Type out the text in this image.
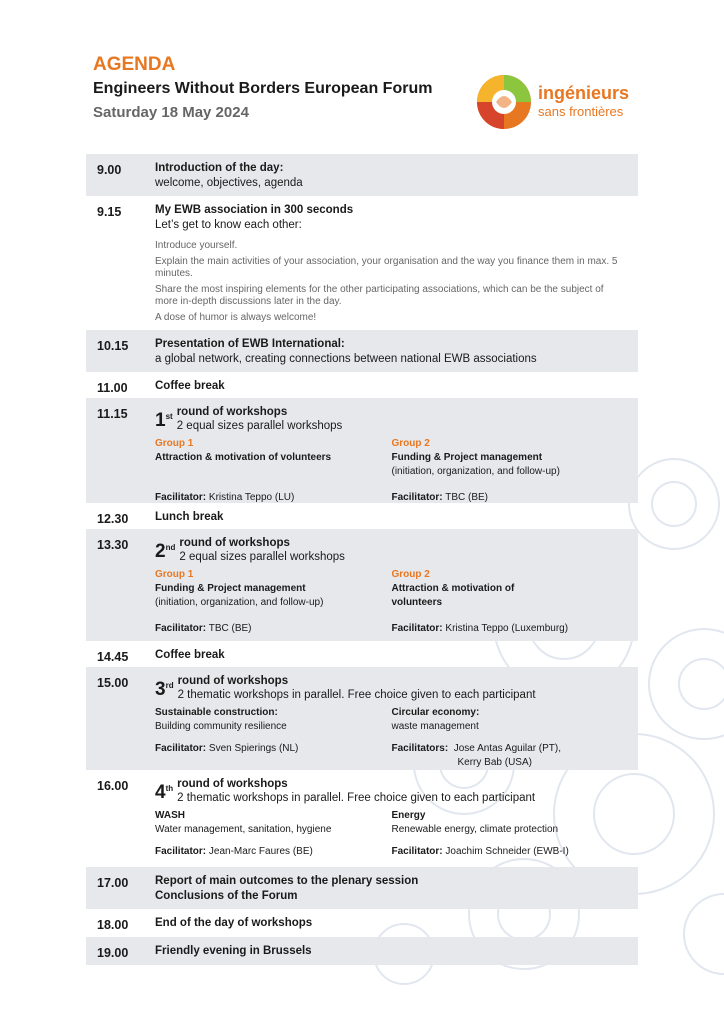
AGENDA

Engineers Without Borders European Forum

Saturday 18 May 2024

ingénieurs
sans frontières
9.00	Introduction of the day:
welcome, objectives, agenda
9.15	My EWB association in 300 seconds
Let’s get to know each other:
Introduce yourself.
Explain the main activities of your association, your organisation and the way you finance them in max. 5 minutes.
Share the most inspiring elements for the other participating associations, which can be the subject of more in-depth discussions later in the day.
A dose of humor is always welcome!
10.15	Presentation of EWB International:
a global network, creating connections between national EWB associations
11.00	Coffee break
11.15	1st round of workshops
2 equal sizes parallel workshops
Group 1
Attraction & motivation of volunteers
Facilitator: Kristina Teppo (LU)
Group 2
Funding & Project management
(initiation, organization, and follow-up)
Facilitator: TBC (BE)
12.30	Lunch break
13.30	2nd round of workshops
2 equal sizes parallel workshops
Group 1
Funding & Project management
(initiation, organization, and follow-up)
Facilitator: TBC (BE)
Group 2
Attraction & motivation of
volunteers
Facilitator: Kristina Teppo (Luxemburg)
14.45	Coffee break
15.00	3rd round of workshops
2 thematic workshops in parallel. Free choice given to each participant
Sustainable construction:
Building community resilience
Facilitator: Sven Spierings (NL)
Circular economy:
waste management
Facilitators: Jose Antas Aguilar (PT),
Kerry Bab (USA)
16.00	4th round of workshops
2 thematic workshops in parallel. Free choice given to each participant
WASH
Water management, sanitation, hygiene
Facilitator: Jean-Marc Faures (BE)
Energy
Renewable energy, climate protection
Facilitator: Joachim Schneider (EWB-I)
17.00	Report of main outcomes to the plenary session
Conclusions of the Forum
18.00	End of the day of workshops
19.00	Friendly evening in Brussels
